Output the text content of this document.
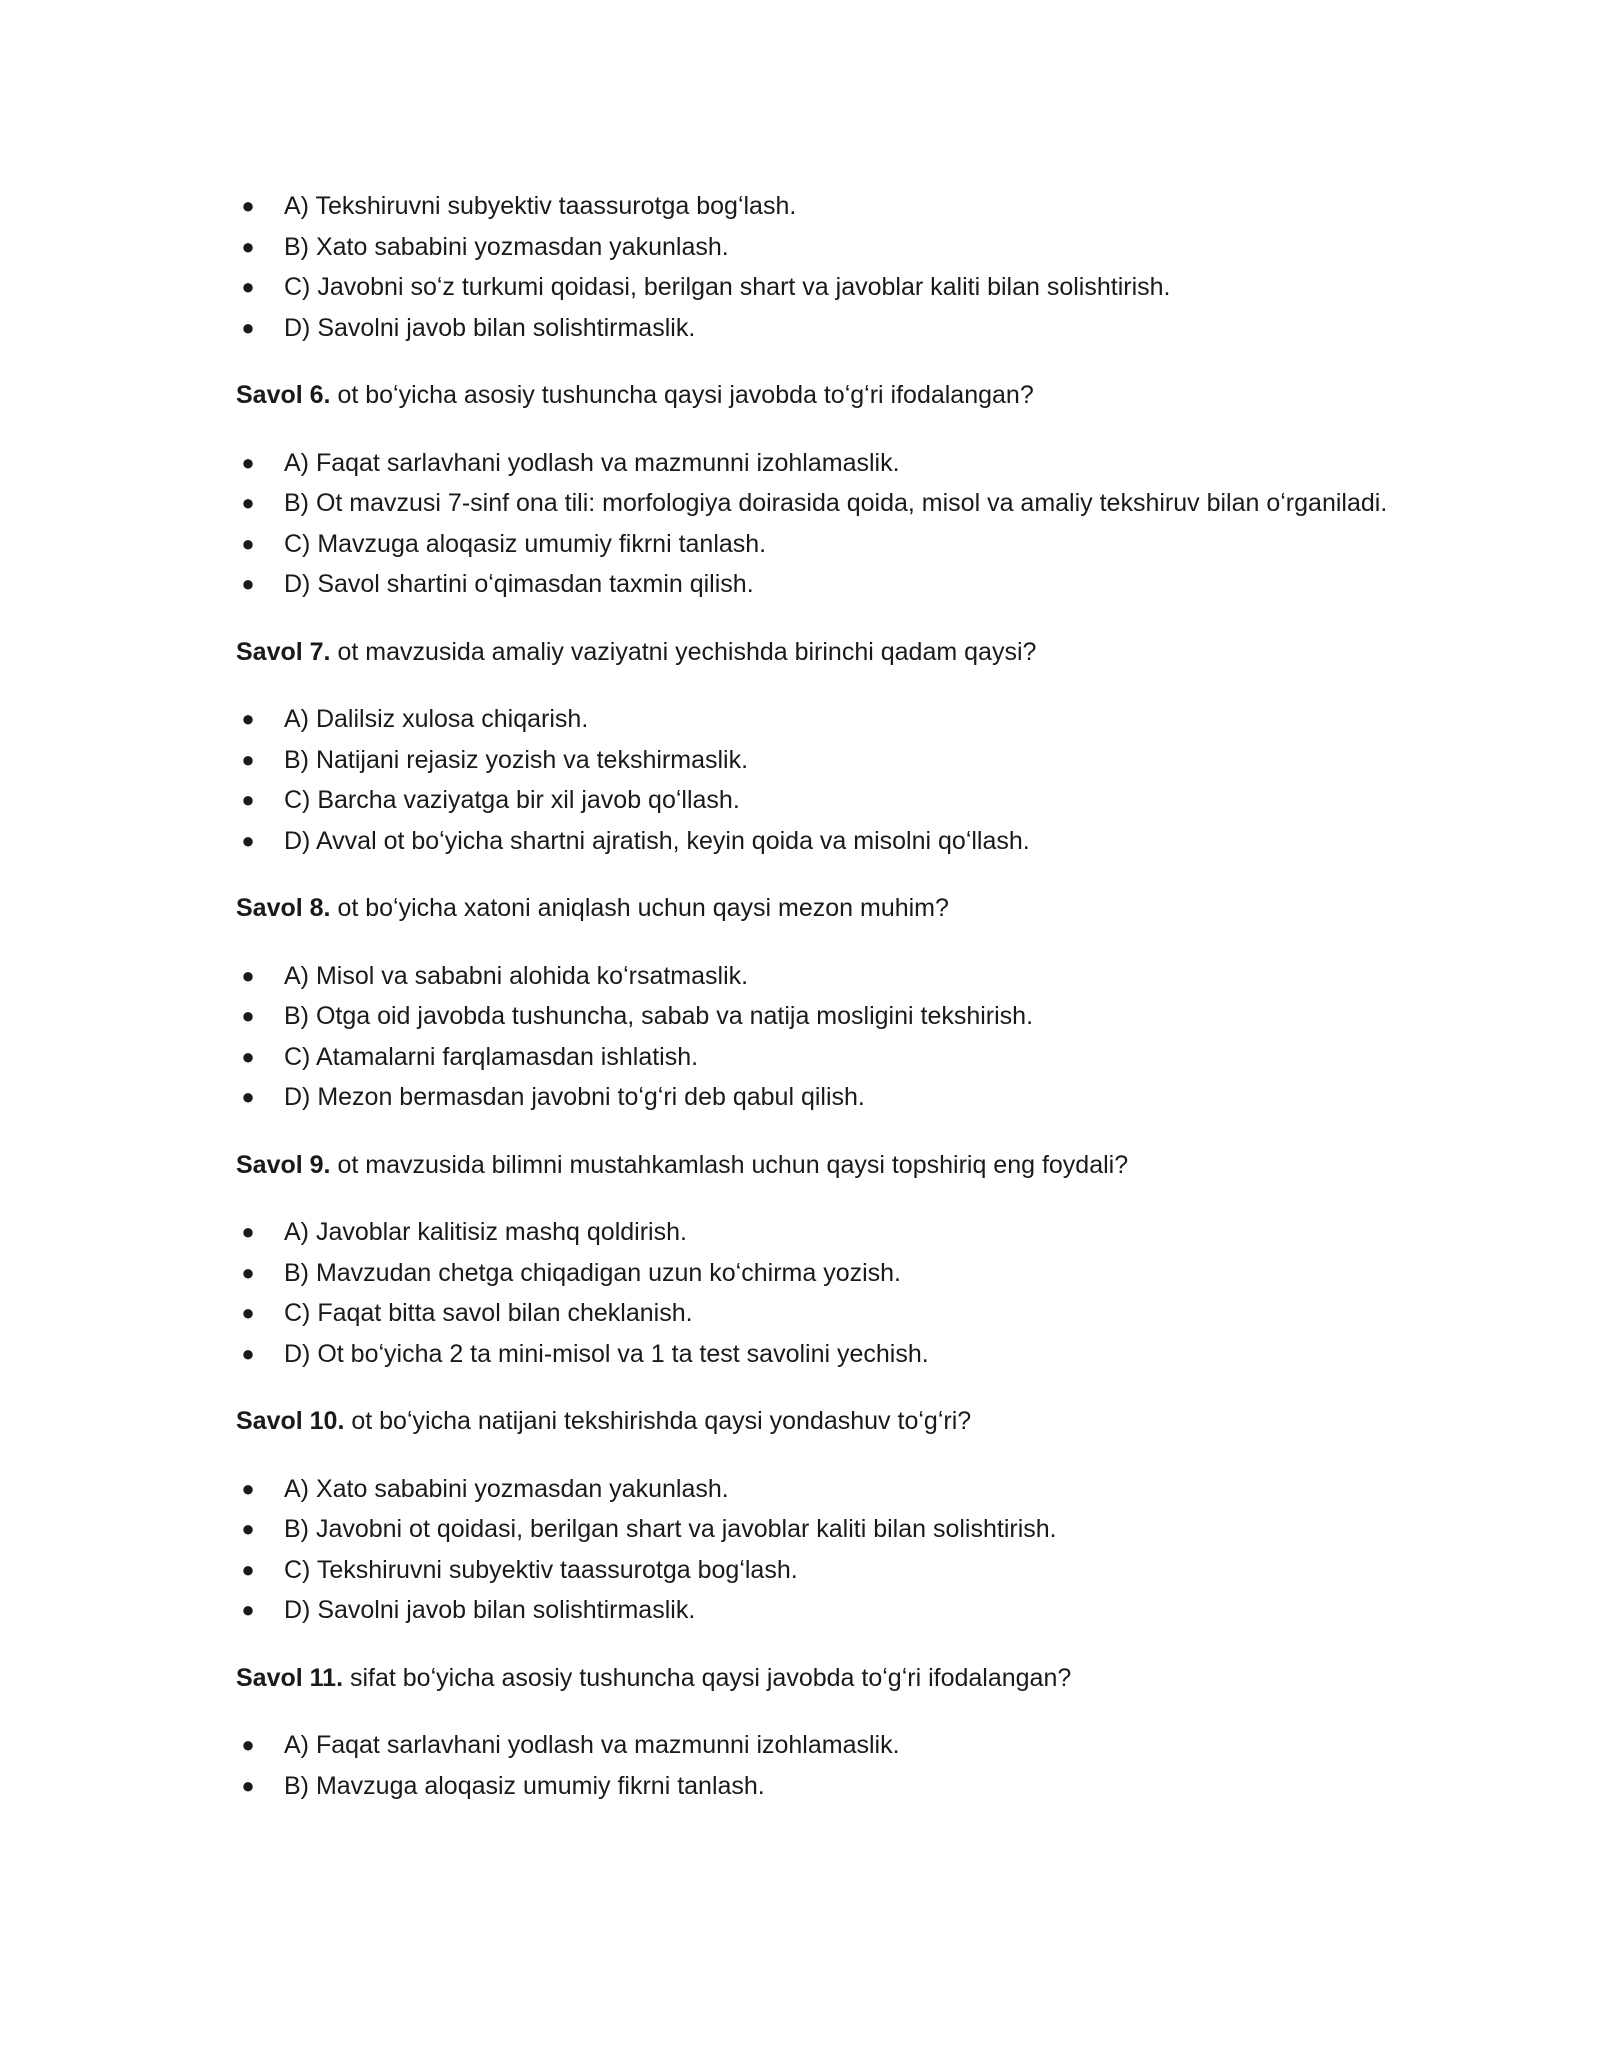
● A) Tekshiruvni subyektiv taassurotga bogʻlash.
● B) Xato sababini yozmasdan yakunlash.
● C) Javobni soʻz turkumi qoidasi, berilgan shart va javoblar kaliti bilan solishtirish.
● D) Savolni javob bilan solishtirmaslik.

Savol 6. ot boʻyicha asosiy tushuncha qaysi javobda toʻgʻri ifodalangan?

● A) Faqat sarlavhani yodlash va mazmunni izohlamaslik.
● B) Ot mavzusi 7-sinf ona tili: morfologiya doirasida qoida, misol va amaliy tekshiruv bilan oʻrganiladi.
● C) Mavzuga aloqasiz umumiy fikrni tanlash.
● D) Savol shartini oʻqimasdan taxmin qilish.

Savol 7. ot mavzusida amaliy vaziyatni yechishda birinchi qadam qaysi?

● A) Dalilsiz xulosa chiqarish.
● B) Natijani rejasiz yozish va tekshirmaslik.
● C) Barcha vaziyatga bir xil javob qoʻllash.
● D) Avval ot boʻyicha shartni ajratish, keyin qoida va misolni qoʻllash.

Savol 8. ot boʻyicha xatoni aniqlash uchun qaysi mezon muhim?

● A) Misol va sababni alohida koʻrsatmaslik.
● B) Otga oid javobda tushuncha, sabab va natija mosligini tekshirish.
● C) Atamalarni farqlamasdan ishlatish.
● D) Mezon bermasdan javobni toʻgʻri deb qabul qilish.

Savol 9. ot mavzusida bilimni mustahkamlash uchun qaysi topshiriq eng foydali?

● A) Javoblar kalitisiz mashq qoldirish.
● B) Mavzudan chetga chiqadigan uzun koʻchirma yozish.
● C) Faqat bitta savol bilan cheklanish.
● D) Ot boʻyicha 2 ta mini-misol va 1 ta test savolini yechish.

Savol 10. ot boʻyicha natijani tekshirishda qaysi yondashuv toʻgʻri?

● A) Xato sababini yozmasdan yakunlash.
● B) Javobni ot qoidasi, berilgan shart va javoblar kaliti bilan solishtirish.
● C) Tekshiruvni subyektiv taassurotga bogʻlash.
● D) Savolni javob bilan solishtirmaslik.

Savol 11. sifat boʻyicha asosiy tushuncha qaysi javobda toʻgʻri ifodalangan?

● A) Faqat sarlavhani yodlash va mazmunni izohlamaslik.
● B) Mavzuga aloqasiz umumiy fikrni tanlash.
